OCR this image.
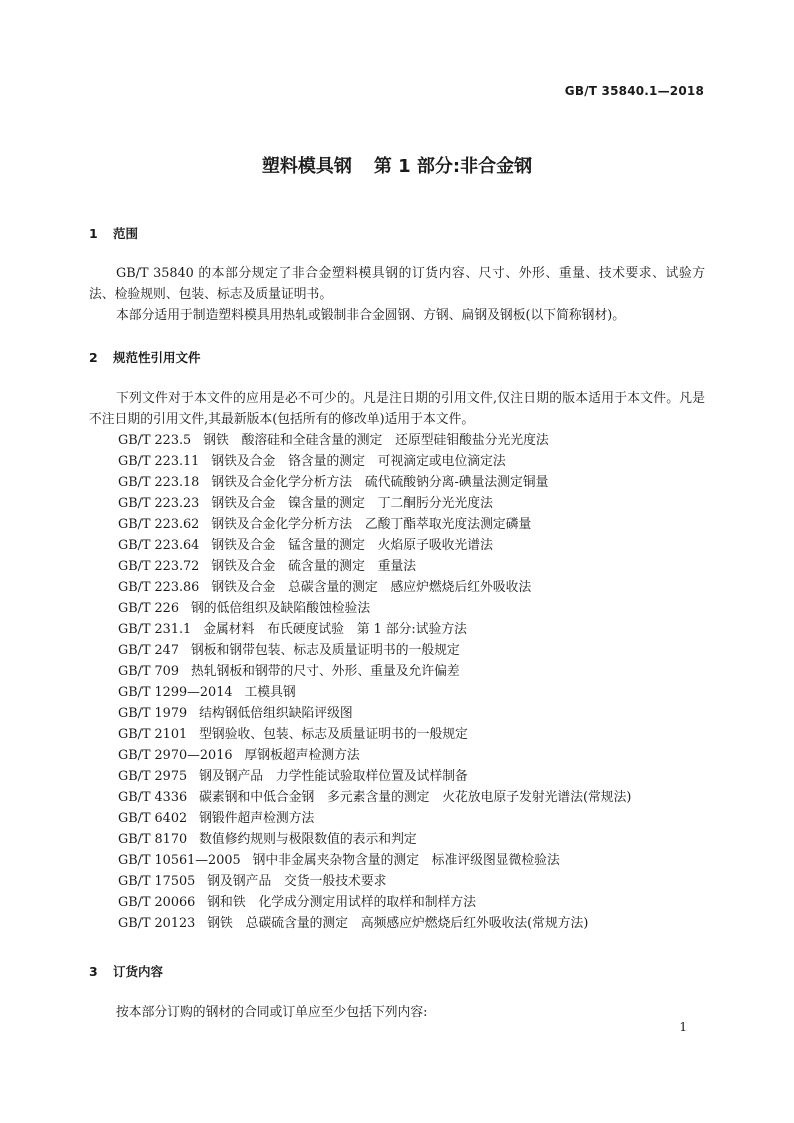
GB/T 35840.1—2018
塑料模具钢 第 1 部分:非合金钢
1 范围
GB/T 35840 的本部分规定了非合金塑料模具钢的订货内容、尺寸、外形、重量、技术要求、试验方法、检验规则、包装、标志及质量证明书。
本部分适用于制造塑料模具用热轧或锻制非合金圆钢、方钢、扁钢及钢板(以下简称钢材)。
2 规范性引用文件
下列文件对于本文件的应用是必不可少的。凡是注日期的引用文件,仅注日期的版本适用于本文件。凡是不注日期的引用文件,其最新版本(包括所有的修改单)适用于本文件。
GB/T 223.5 钢铁　酸溶硅和全硅含量的测定　还原型硅钼酸盐分光光度法
GB/T 223.11 钢铁及合金　铬含量的测定　可视滴定或电位滴定法
GB/T 223.18 钢铁及合金化学分析方法　硫代硫酸钠分离-碘量法测定铜量
GB/T 223.23 钢铁及合金　镍含量的测定　丁二酮肟分光光度法
GB/T 223.62 钢铁及合金化学分析方法　乙酸丁酯萃取光度法测定磷量
GB/T 223.64 钢铁及合金　锰含量的测定　火焰原子吸收光谱法
GB/T 223.72 钢铁及合金　硫含量的测定　重量法
GB/T 223.86 钢铁及合金　总碳含量的测定　感应炉燃烧后红外吸收法
GB/T 226 钢的低倍组织及缺陷酸蚀检验法
GB/T 231.1 金属材料　布氏硬度试验　第 1 部分:试验方法
GB/T 247 钢板和钢带包装、标志及质量证明书的一般规定
GB/T 709 热轧钢板和钢带的尺寸、外形、重量及允许偏差
GB/T 1299—2014 工模具钢
GB/T 1979 结构钢低倍组织缺陷评级图
GB/T 2101 型钢验收、包装、标志及质量证明书的一般规定
GB/T 2970—2016 厚钢板超声检测方法
GB/T 2975 钢及钢产品　力学性能试验取样位置及试样制备
GB/T 4336 碳素钢和中低合金钢　多元素含量的测定　火花放电原子发射光谱法(常规法)
GB/T 6402 钢锻件超声检测方法
GB/T 8170 数值修约规则与极限数值的表示和判定
GB/T 10561—2005 钢中非金属夹杂物含量的测定　标准评级图显微检验法
GB/T 17505 钢及钢产品　交货一般技术要求
GB/T 20066 钢和铁　化学成分测定用试样的取样和制样方法
GB/T 20123 钢铁　总碳硫含量的测定　高频感应炉燃烧后红外吸收法(常规方法)
3 订货内容
按本部分订购的钢材的合同或订单应至少包括下列内容:
1
